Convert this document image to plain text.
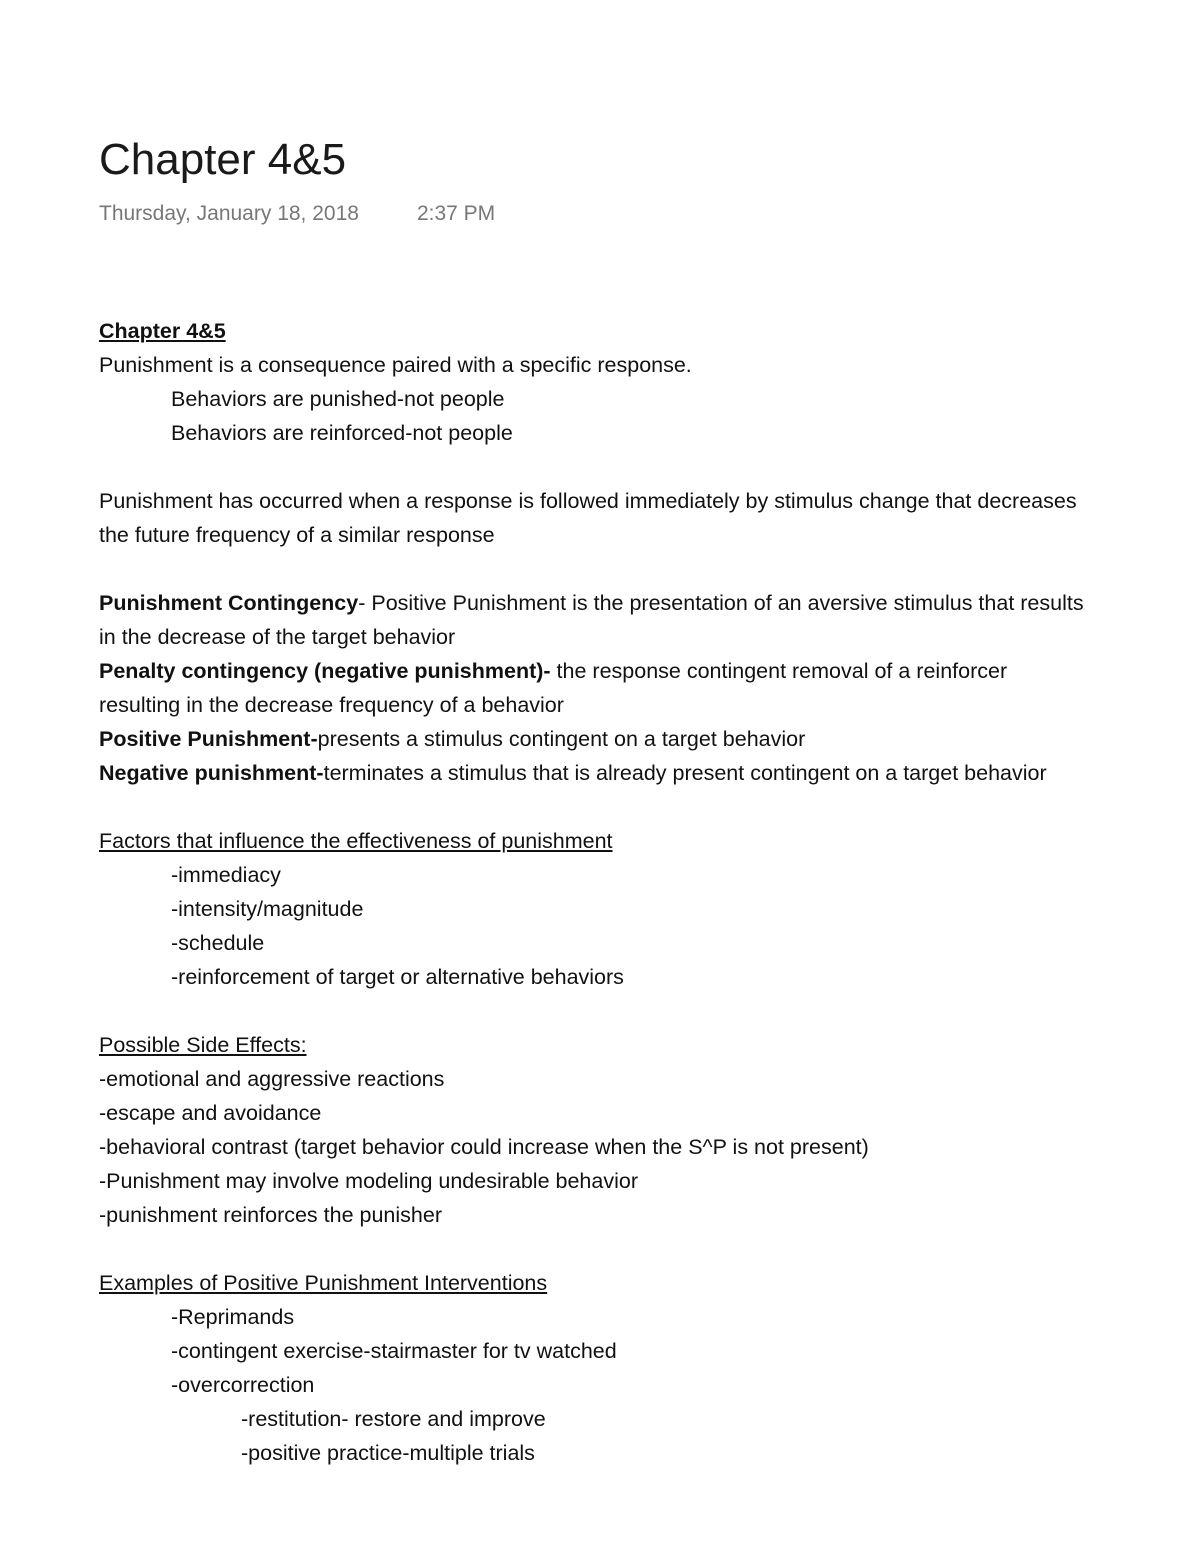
Chapter 4&5
Thursday, January 18, 2018	2:37 PM
Chapter 4&5
Punishment is a consequence paired with a specific response.
Behaviors are punished-not people
Behaviors are reinforced-not people
Punishment has occurred when a response is followed immediately by stimulus change that decreases
the future frequency of a similar response
Punishment Contingency- Positive Punishment is the presentation of an aversive stimulus that results
in the decrease of the target behavior
Penalty contingency (negative punishment)- the response contingent removal of a reinforcer
resulting in the decrease frequency of a behavior
Positive Punishment-presents a stimulus contingent on a target behavior
Negative punishment-terminates a stimulus that is already present contingent on a target behavior
Factors that influence the effectiveness of punishment
-immediacy
-intensity/magnitude
-schedule
-reinforcement of target or alternative behaviors
Possible Side Effects:
-emotional and aggressive reactions
-escape and avoidance
-behavioral contrast (target behavior could increase when the S^P is not present)
-Punishment may involve modeling undesirable behavior
-punishment reinforces the punisher
Examples of Positive Punishment Interventions
-Reprimands
-contingent exercise-stairmaster for tv watched
-overcorrection
-restitution- restore and improve
-positive practice-multiple trials
